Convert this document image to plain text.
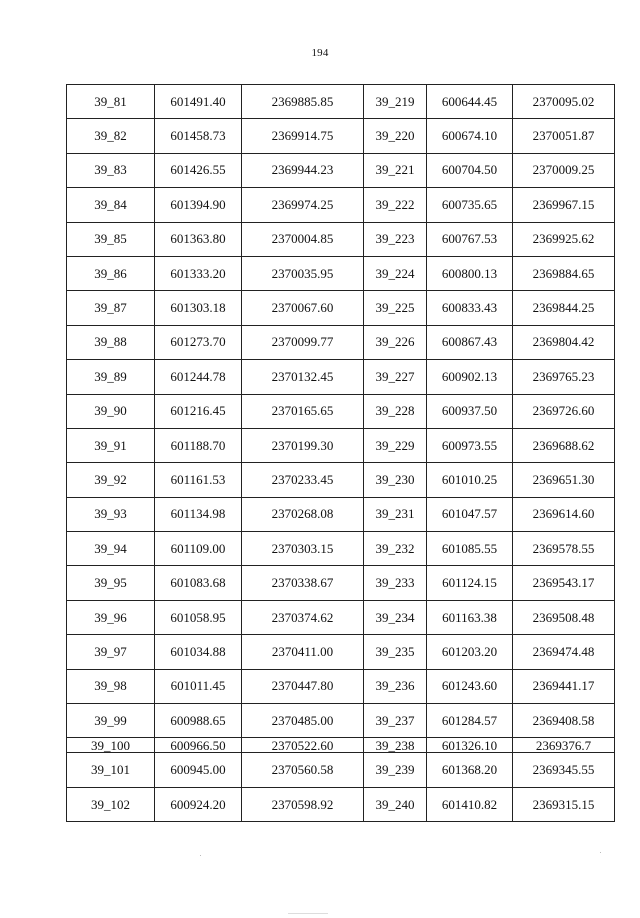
194
39_81	601491.40	2369885.85	39_219	600644.45	2370095.02
39_82	601458.73	2369914.75	39_220	600674.10	2370051.87
39_83	601426.55	2369944.23	39_221	600704.50	2370009.25
39_84	601394.90	2369974.25	39_222	600735.65	2369967.15
39_85	601363.80	2370004.85	39_223	600767.53	2369925.62
39_86	601333.20	2370035.95	39_224	600800.13	2369884.65
39_87	601303.18	2370067.60	39_225	600833.43	2369844.25
39_88	601273.70	2370099.77	39_226	600867.43	2369804.42
39_89	601244.78	2370132.45	39_227	600902.13	2369765.23
39_90	601216.45	2370165.65	39_228	600937.50	2369726.60
39_91	601188.70	2370199.30	39_229	600973.55	2369688.62
39_92	601161.53	2370233.45	39_230	601010.25	2369651.30
39_93	601134.98	2370268.08	39_231	601047.57	2369614.60
39_94	601109.00	2370303.15	39_232	601085.55	2369578.55
39_95	601083.68	2370338.67	39_233	601124.15	2369543.17
39_96	601058.95	2370374.62	39_234	601163.38	2369508.48
39_97	601034.88	2370411.00	39_235	601203.20	2369474.48
39_98	601011.45	2370447.80	39_236	601243.60	2369441.17
39_99	600988.65	2370485.00	39_237	601284.57	2369408.58
39_100	600966.50	2370522.60	39_238	601326.10	2369376.7
39_101	600945.00	2370560.58	39_239	601368.20	2369345.55
39_102	600924.20	2370598.92	39_240	601410.82	2369315.15
